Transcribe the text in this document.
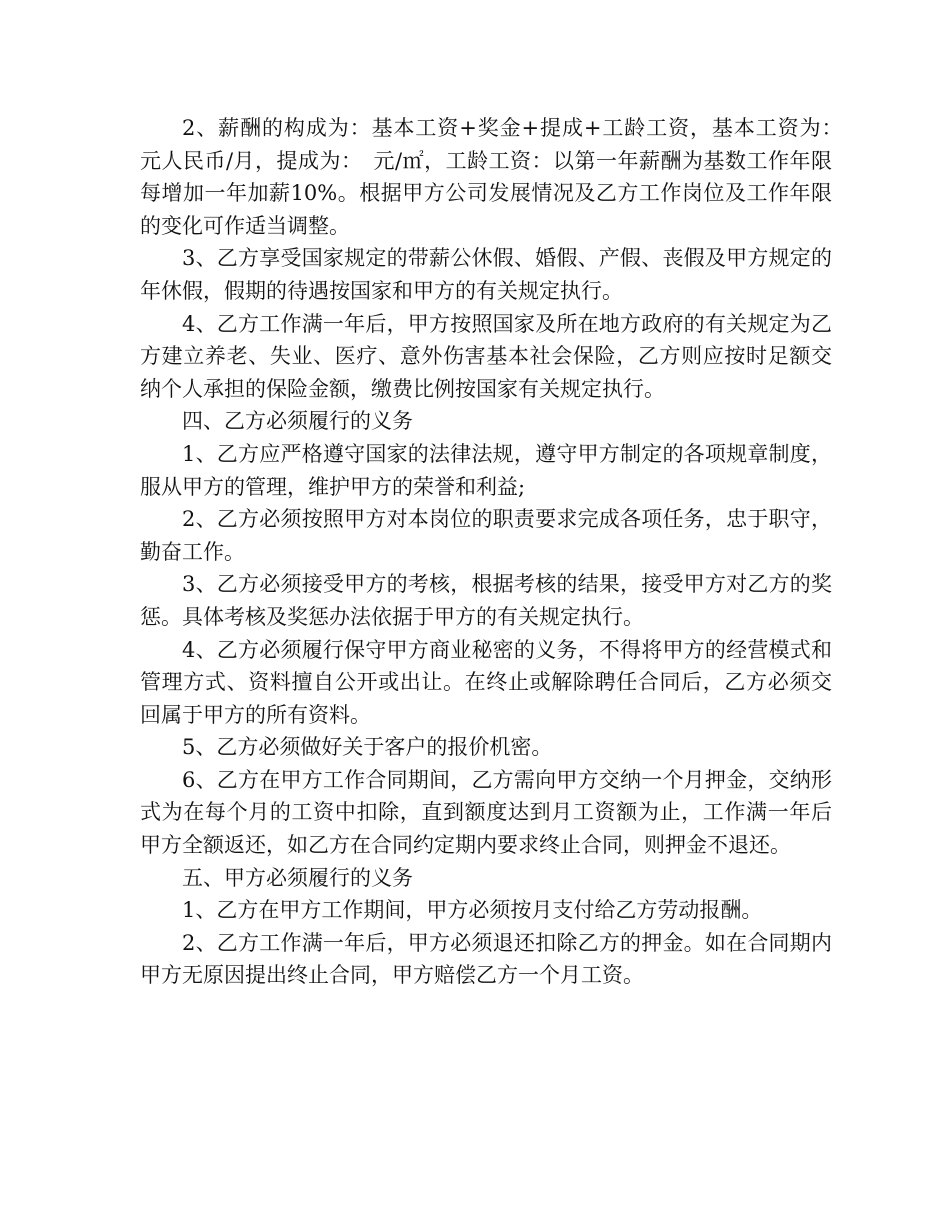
2、薪酬的构成为：基本工资+奖金+提成+工龄工资，基本工资为：　元人民币/月，提成为：　元/㎡，工龄工资：以第一年薪酬为基数工作年限每增加一年加薪10%。根据甲方公司发展情况及乙方工作岗位及工作年限的变化可作适当调整。

3、乙方享受国家规定的带薪公休假、婚假、产假、丧假及甲方规定的年休假，假期的待遇按国家和甲方的有关规定执行。

4、乙方工作满一年后，甲方按照国家及所在地方政府的有关规定为乙方建立养老、失业、医疗、意外伤害基本社会保险，乙方则应按时足额交纳个人承担的保险金额，缴费比例按国家有关规定执行。

四、乙方必须履行的义务

1、乙方应严格遵守国家的法律法规，遵守甲方制定的各项规章制度，服从甲方的管理，维护甲方的荣誉和利益;

2、乙方必须按照甲方对本岗位的职责要求完成各项任务，忠于职守，勤奋工作。

3、乙方必须接受甲方的考核，根据考核的结果，接受甲方对乙方的奖惩。具体考核及奖惩办法依据于甲方的有关规定执行。

4、乙方必须履行保守甲方商业秘密的义务，不得将甲方的经营模式和管理方式、资料擅自公开或出让。在终止或解除聘任合同后，乙方必须交回属于甲方的所有资料。

5、乙方必须做好关于客户的报价机密。

6、乙方在甲方工作合同期间，乙方需向甲方交纳一个月押金，交纳形式为在每个月的工资中扣除，直到额度达到月工资额为止，工作满一年后甲方全额返还，如乙方在合同约定期内要求终止合同，则押金不退还。

五、甲方必须履行的义务

1、乙方在甲方工作期间，甲方必须按月支付给乙方劳动报酬。

2、乙方工作满一年后，甲方必须退还扣除乙方的押金。如在合同期内甲方无原因提出终止合同，甲方赔偿乙方一个月工资。
